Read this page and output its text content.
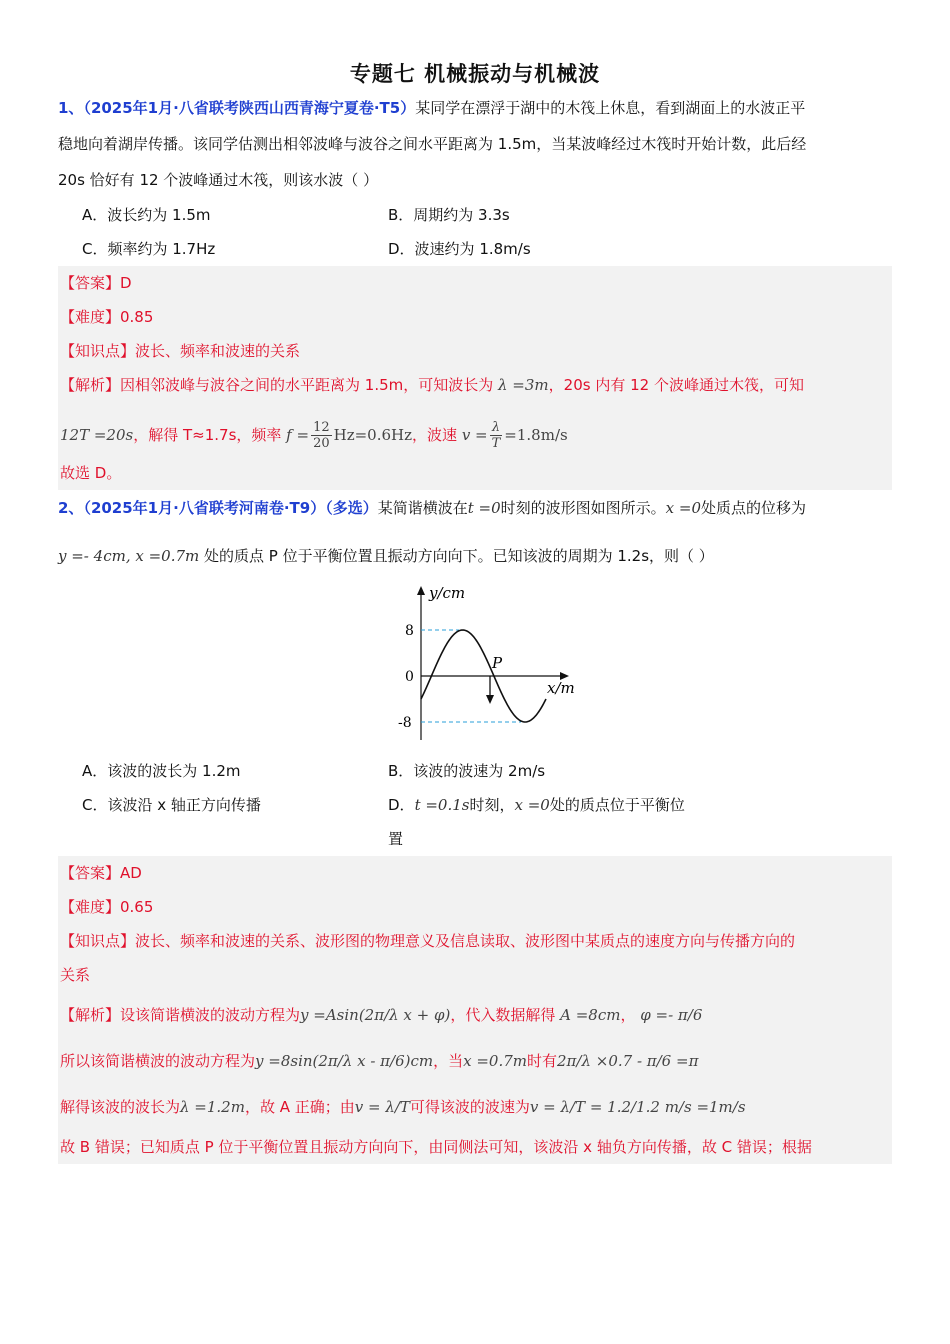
专题七 机械振动与机械波

1、（2025年1月·八省联考陕西山西青海宁夏卷·T5）某同学在漂浮于湖中的木筏上休息，看到湖面上的水波正平

稳地向着湖岸传播。该同学估测出相邻波峰与波谷之间水平距离为 1.5m，当某波峰经过木筏时开始计数，此后经

20s 恰好有 12 个波峰通过木筏，则该水波（ ）

A．波长约为 1.5m	B．周期约为 3.3s
C．频率约为 1.7Hz	D．波速约为 1.8m/s

【答案】D

【难度】0.85

【知识点】波长、频率和波速的关系

【解析】因相邻波峰与波谷之间的水平距离为 1.5m，可知波长为 λ =3m，20s 内有 12 个波峰通过木筏，可知

12T =20s，解得 T≈1.7s，频率 $f = \frac{12}{20} Hz=0.6Hz$，波速 $v = \frac{\lambda}{T} =1.8m/s$

故选 D。

2、（2025年1月·八省联考河南卷·T9）（多选）某简谐横波在t =0时刻的波形图如图所示。x =0处质点的位移为

y =- 4cm, x =0.7m 处的质点 P 位于平衡位置且振动方向向下。已知该波的周期为 1.2s，则（ ）

y/cm
8
0
-8
P
x/m
A．该波的波长为 1.2m	B．该波的波速为 2m/s
C．该波沿 x 轴正方向传播	D．t =0.1s时刻，x =0处的质点位于平衡位置

【答案】AD

【难度】0.65

【知识点】波长、频率和波速的关系、波形图的物理意义及信息读取、波形图中某质点的速度方向与传播方向的

关系

【解析】设该简谐横波的波动方程为y =Asin(2π/λ x + φ)，代入数据解得 A =8cm， φ =- π/6

所以该简谐横波的波动方程为y =8sin(2π/λ x - π/6)cm，当x =0.7m时有2π/λ ×0.7 - π/6 =π

解得该波的波长为λ =1.2m，故 A 正确；由v = λ/T可得该波的波速为v = λ/T = 1.2/1.2 m/s =1m/s

故 B 错误；已知质点 P 位于平衡位置且振动方向向下，由同侧法可知，该波沿 x 轴负方向传播，故 C 错误；根据
